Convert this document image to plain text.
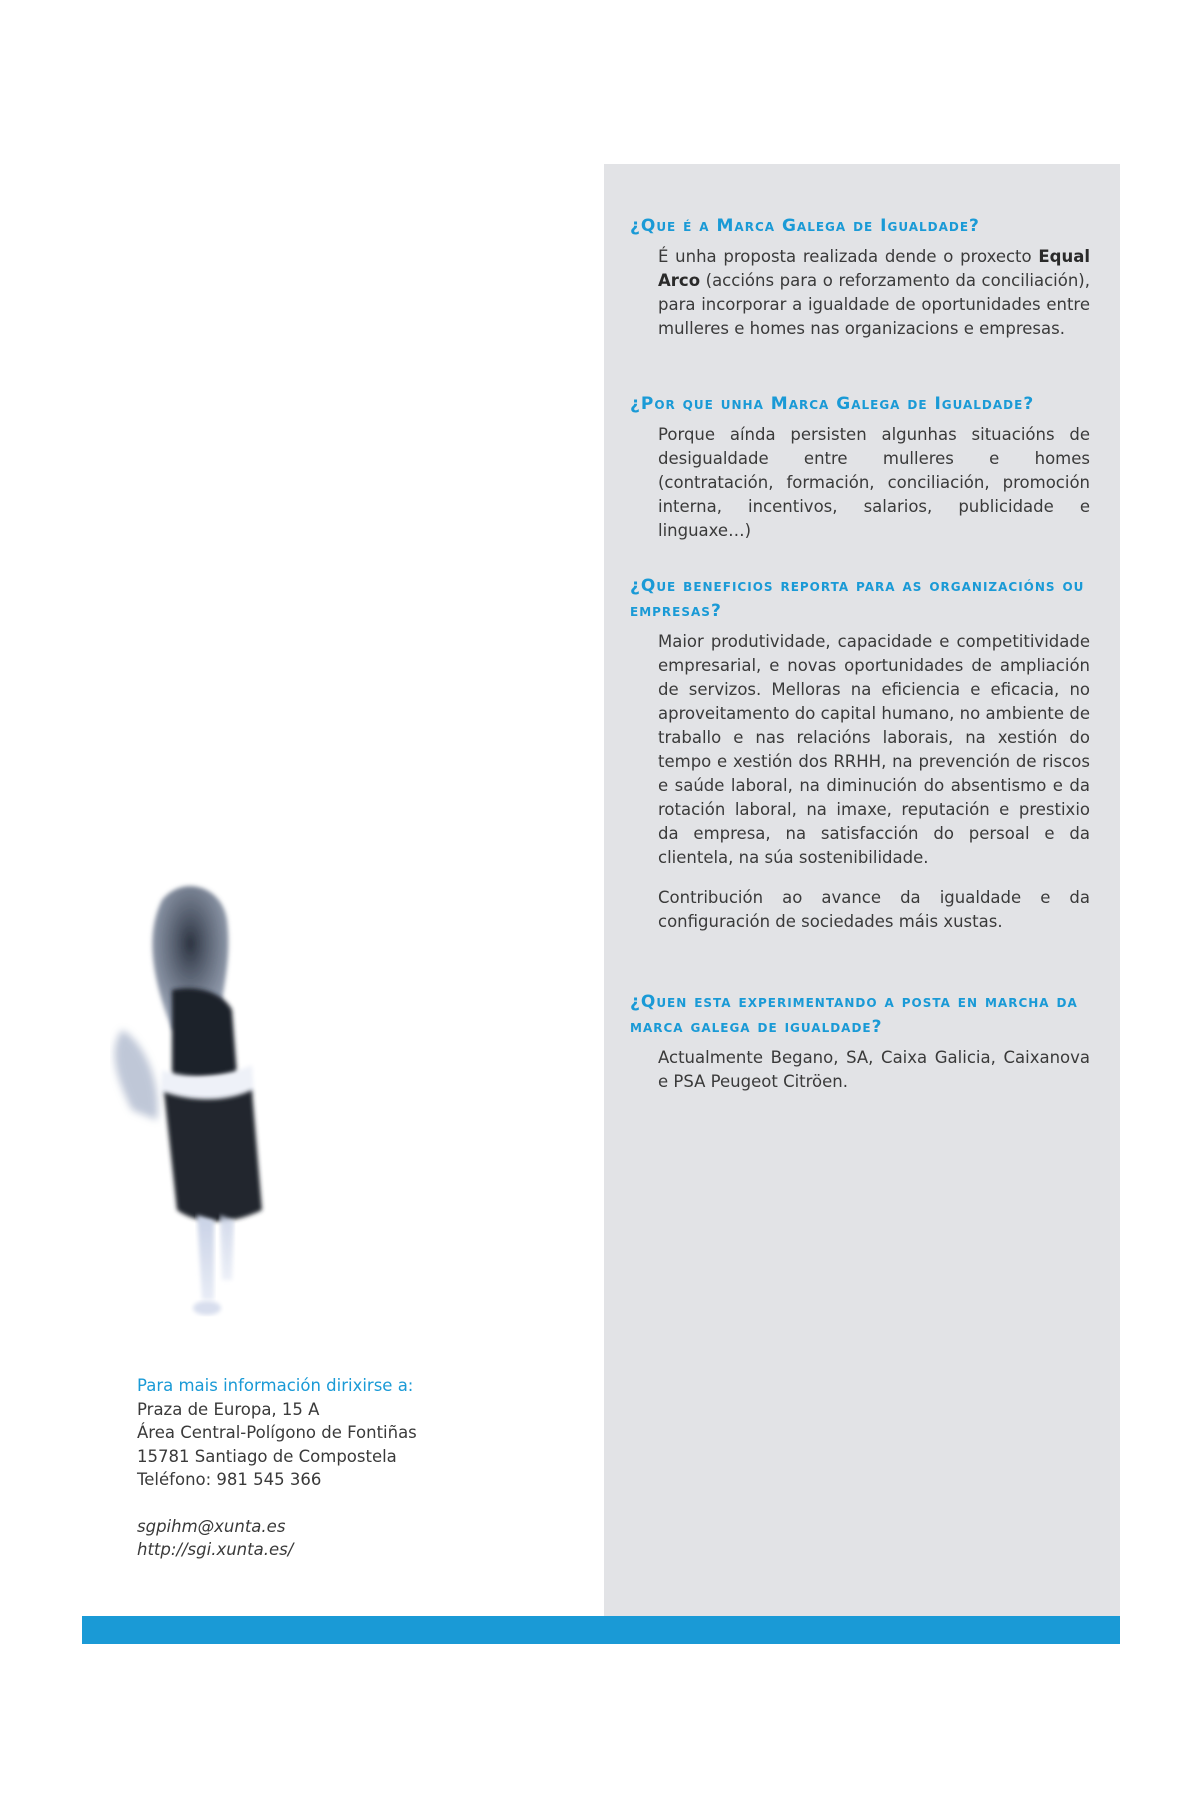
¿Que é a Marca Galega de Igualdade?

É unha proposta realizada dende o proxecto Equal Arco (accións para o reforzamento da conciliación), para incorporar a igualdade de oportunidades entre mulleres e homes nas organizacions e empresas.

¿Por que unha Marca Galega de Igualdade?

Porque aínda persisten algunhas situacións de desigualdade entre mulleres e homes (contratación, formación, conciliación, promoción interna, incentivos, salarios, publicidade e linguaxe…)

¿Que beneficios reporta para as organizacións ou empresas?

Maior produtividade, capacidade e competitividade empresarial, e novas oportunidades de ampliación de servizos. Melloras na eficiencia e eficacia, no aproveitamento do capital humano, no ambiente de traballo e nas relacións laborais, na xestión do tempo e xestión dos RRHH, na prevención de riscos e saúde laboral, na diminución do absentismo e da rotación laboral, na imaxe, reputación e prestixio da empresa, na satisfacción do persoal e da clientela, na súa sostenibilidade.

Contribución ao avance da igualdade e da configuración de sociedades máis xustas.

¿Quen esta experimentando a posta en marcha da marca galega de igualdade?

Actualmente Begano, SA, Caixa Galicia, Caixanova e PSA Peugeot Citröen.

Para mais información dirixirse a:
Praza de Europa, 15 A
Área Central-Polígono de Fontiñas
15781 Santiago de Compostela
Teléfono: 981 545 366
sgpihm@xunta.es
http://sgi.xunta.es/
